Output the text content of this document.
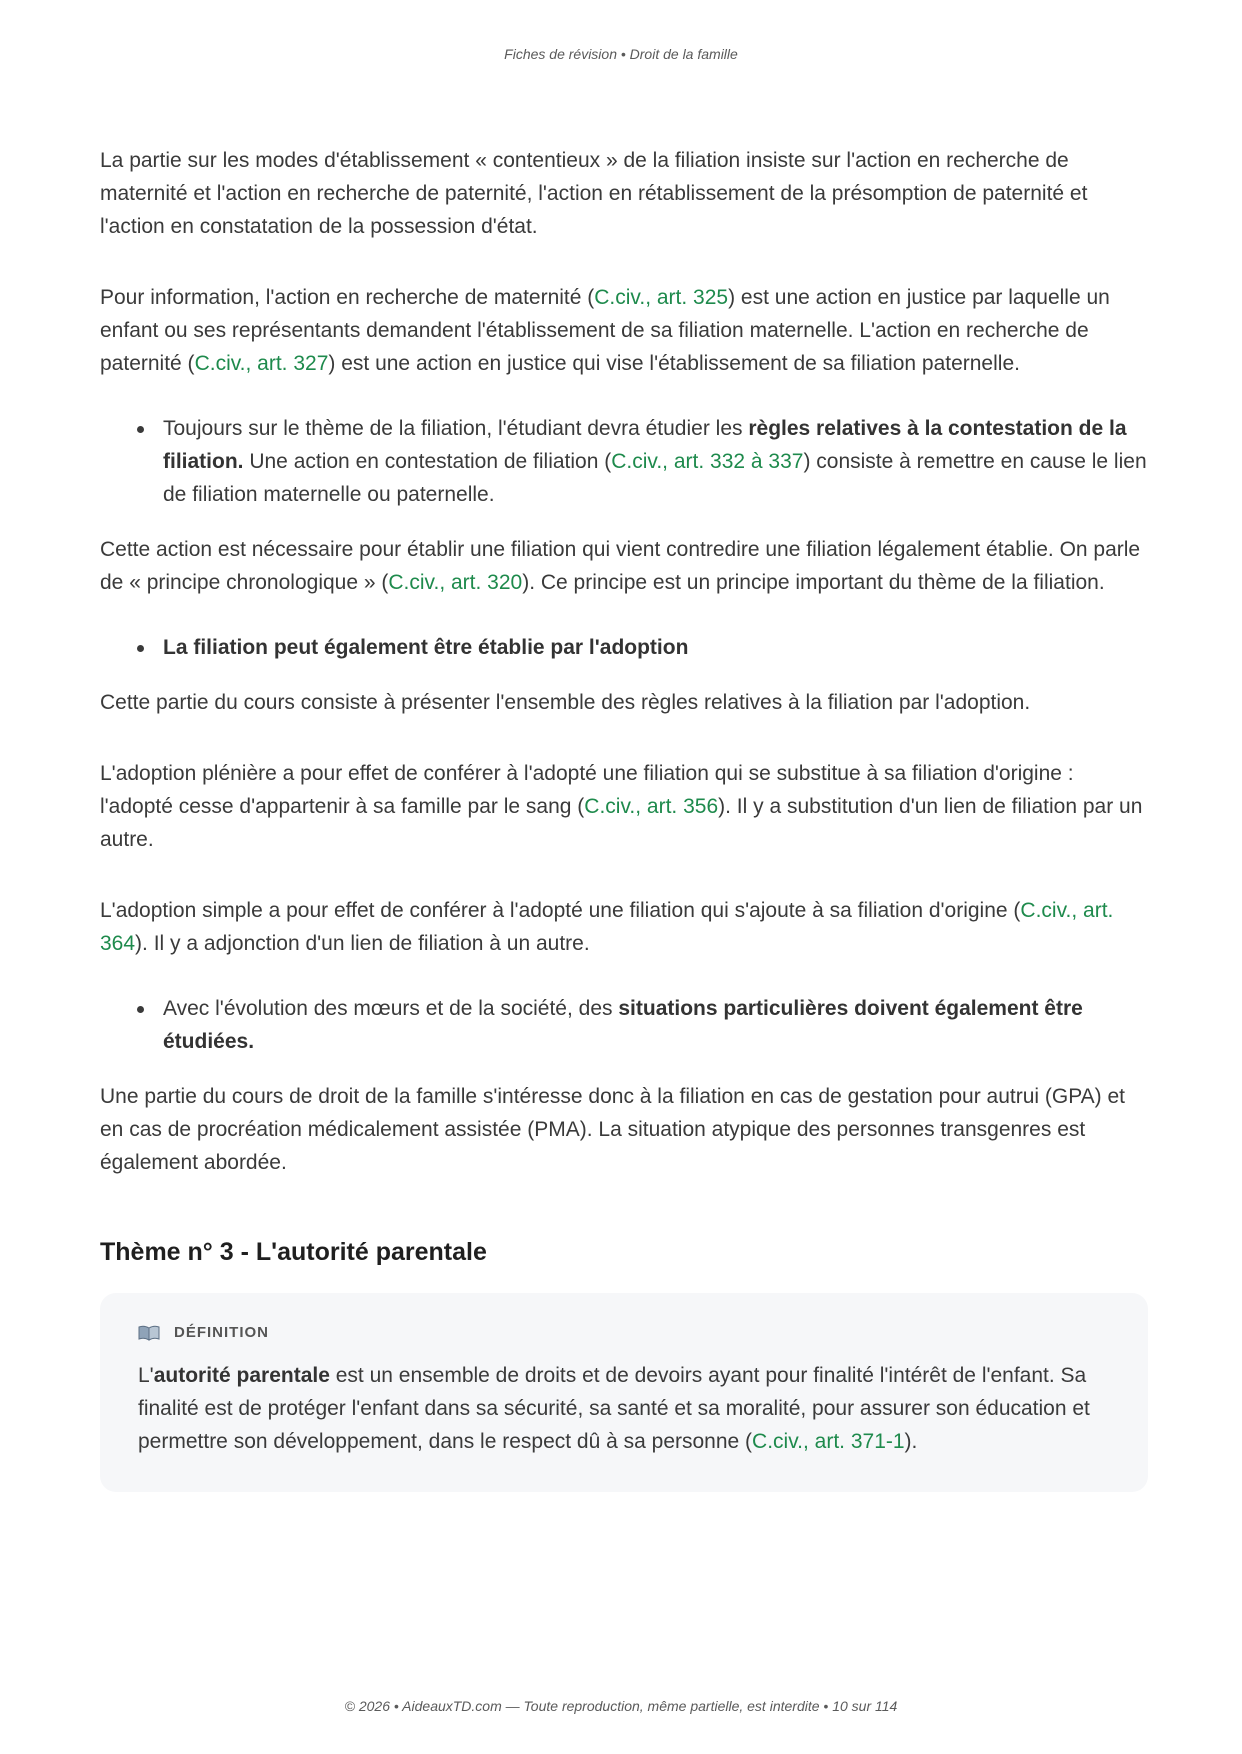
Fiches de révision • Droit de la famille

La partie sur les modes d'établissement « contentieux » de la filiation insiste sur l'action en recherche de maternité et l'action en recherche de paternité, l'action en rétablissement de la présomption de paternité et l'action en constatation de la possession d'état.

Pour information, l'action en recherche de maternité (C.civ., art. 325) est une action en justice par laquelle un enfant ou ses représentants demandent l'établissement de sa filiation maternelle. L'action en recherche de paternité (C.civ., art. 327) est une action en justice qui vise l'établissement de sa filiation paternelle.

Toujours sur le thème de la filiation, l'étudiant devra étudier les règles relatives à la contestation de la filiation. Une action en contestation de filiation (C.civ., art. 332 à 337) consiste à remettre en cause le lien de filiation maternelle ou paternelle.

Cette action est nécessaire pour établir une filiation qui vient contredire une filiation légalement établie. On parle de « principe chronologique » (C.civ., art. 320). Ce principe est un principe important du thème de la filiation.

La filiation peut également être établie par l'adoption

Cette partie du cours consiste à présenter l'ensemble des règles relatives à la filiation par l'adoption.

L'adoption plénière a pour effet de conférer à l'adopté une filiation qui se substitue à sa filiation d'origine : l'adopté cesse d'appartenir à sa famille par le sang (C.civ., art. 356). Il y a substitution d'un lien de filiation par un autre.

L'adoption simple a pour effet de conférer à l'adopté une filiation qui s'ajoute à sa filiation d'origine (C.civ., art. 364). Il y a adjonction d'un lien de filiation à un autre.

Avec l'évolution des mœurs et de la société, des situations particulières doivent également être étudiées.

Une partie du cours de droit de la famille s'intéresse donc à la filiation en cas de gestation pour autrui (GPA) et en cas de procréation médicalement assistée (PMA). La situation atypique des personnes transgenres est également abordée.

Thème n° 3 - L'autorité parentale
DÉFINITION

L'autorité parentale est un ensemble de droits et de devoirs ayant pour finalité l'intérêt de l'enfant. Sa finalité est de protéger l'enfant dans sa sécurité, sa santé et sa moralité, pour assurer son éducation et permettre son développement, dans le respect dû à sa personne (C.civ., art. 371-1).

© 2026 • AideauxTD.com — Toute reproduction, même partielle, est interdite • 10 sur 114
